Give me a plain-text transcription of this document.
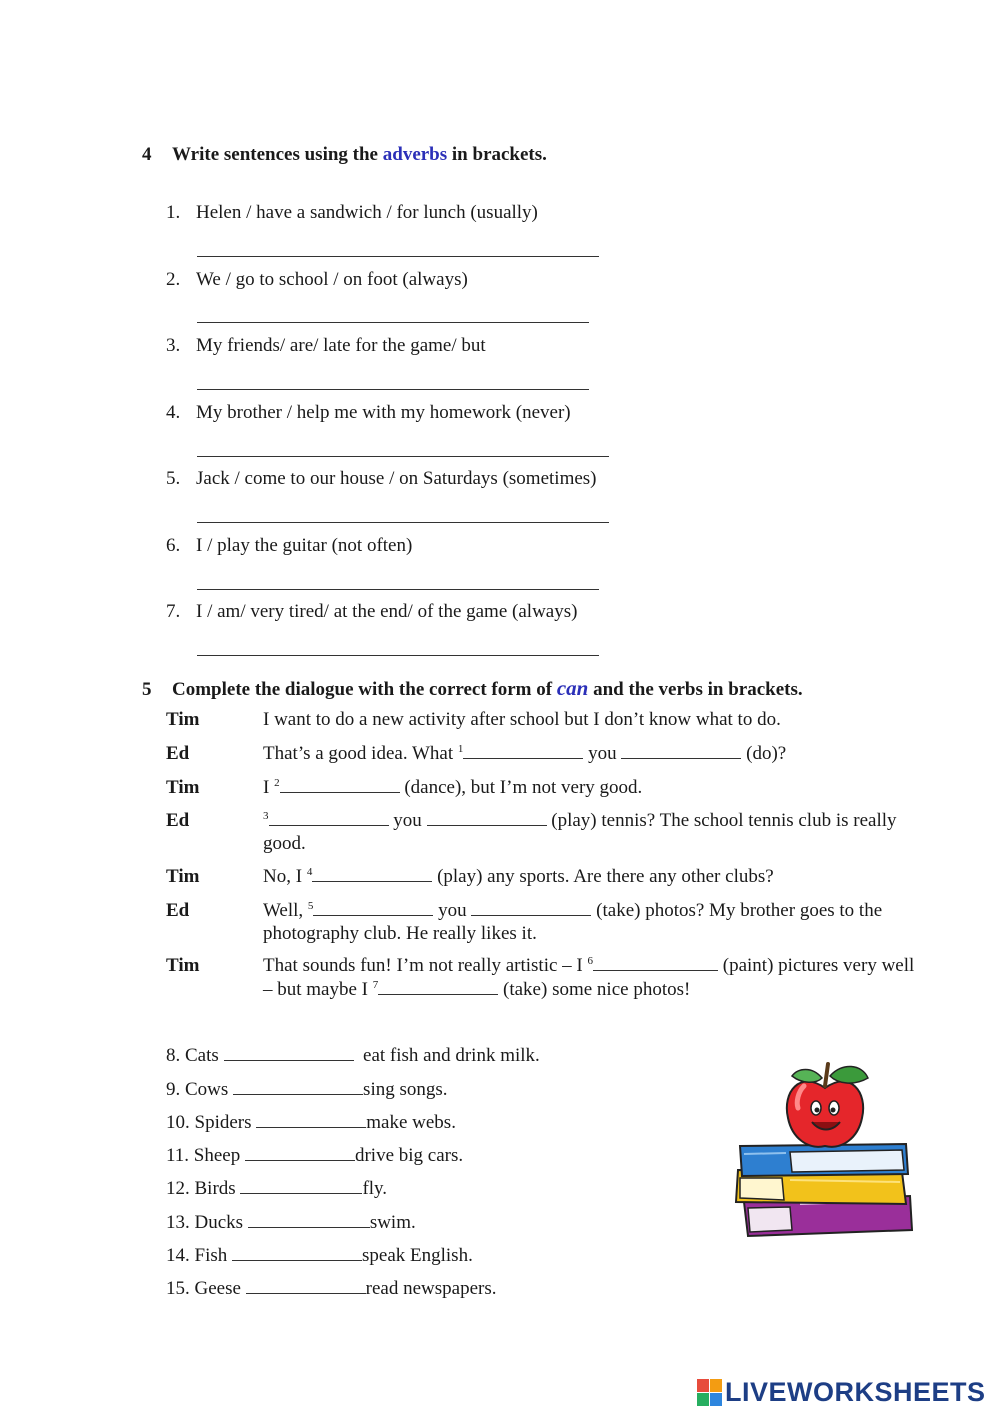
4 Write sentences using the adverbs in brackets.
1. Helen / have a sandwich / for lunch (usually)
2. We / go to school / on foot (always)
3. My friends/ are/ late for the game/ but
4. My brother / help me with my homework (never)
5. Jack / come to our house / on Saturdays (sometimes)
6. I / play the guitar (not often)
7. I / am/ very tired/ at the end/ of the game (always)
5 Complete the dialogue with the correct form of can and the verbs in brackets.
Tim	I want to do a new activity after school but I don’t know what to do.
Ed	That’s a good idea. What $^1$	you	(do)?
Tim	I $^2$	(dance), but I’m not very good.
Ed	$^3$	you	(play) tennis? The school tennis club is really
good.
Tim	No, I $^4$	(play) any sports. Are there any other clubs?
Ed	Well, $^5$	you	(take) photos? My brother goes to the
photography club. He really likes it.
Tim	That sounds fun! I’m not really artistic – I $^6$	(paint) pictures very well
– but maybe I $^7$	(take) some nice photos!
8. Cats	eat fish and drink milk.
9. Cows	sing songs.
10. Spiders	make webs.
11. Sheep	drive big cars.
12. Birds	fly.
13. Ducks	swim.
14. Fish	speak English.
15. Geese	read newspapers.
LIVEWORKSHEETS
